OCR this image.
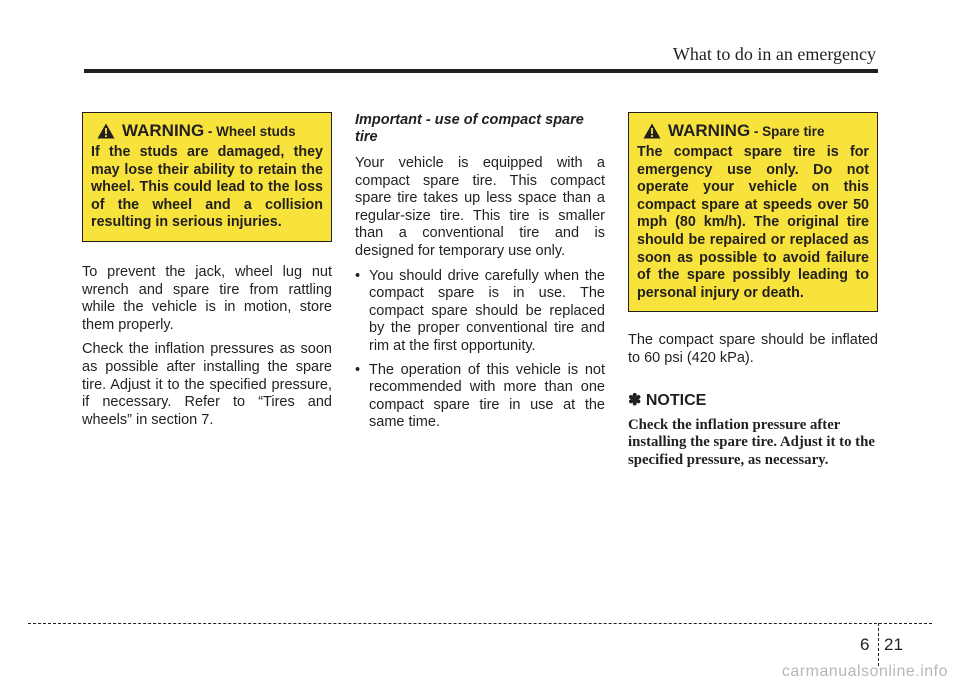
What to do in an emergency
WARNING - Wheel studs
If the studs are damaged, they may lose their ability to retain the wheel. This could lead to the loss of the wheel and a collision resulting in serious injuries.

To prevent the jack, wheel lug nut wrench and spare tire from rattling while the vehicle is in motion, store them properly.

Check the inflation pressures as soon as possible after installing the spare tire. Adjust it to the specified pressure, if necessary. Refer to “Tires and wheels” in section 7.

Important - use of compact spare tire

Your vehicle is equipped with a compact spare tire. This compact spare tire takes up less space than a regular-size tire. This tire is smaller than a conventional tire and is designed for temporary use only.

• You should drive carefully when the compact spare is in use. The compact spare should be replaced by the proper conventional tire and rim at the first opportunity.
• The operation of this vehicle is not recommended with more than one compact spare tire in use at the same time.
WARNING - Spare tire
The compact spare tire is for emergency use only. Do not operate your vehicle on this compact spare at speeds over 50 mph (80 km/h). The original tire should be repaired or replaced as soon as possible to avoid failure of the spare possibly leading to personal injury or death.

The compact spare should be inflated to 60 psi (420 kPa).

✽ NOTICE
Check the inflation pressure after installing the spare tire. Adjust it to the specified pressure, as necessary.
6 21
carmanualsonline.info
